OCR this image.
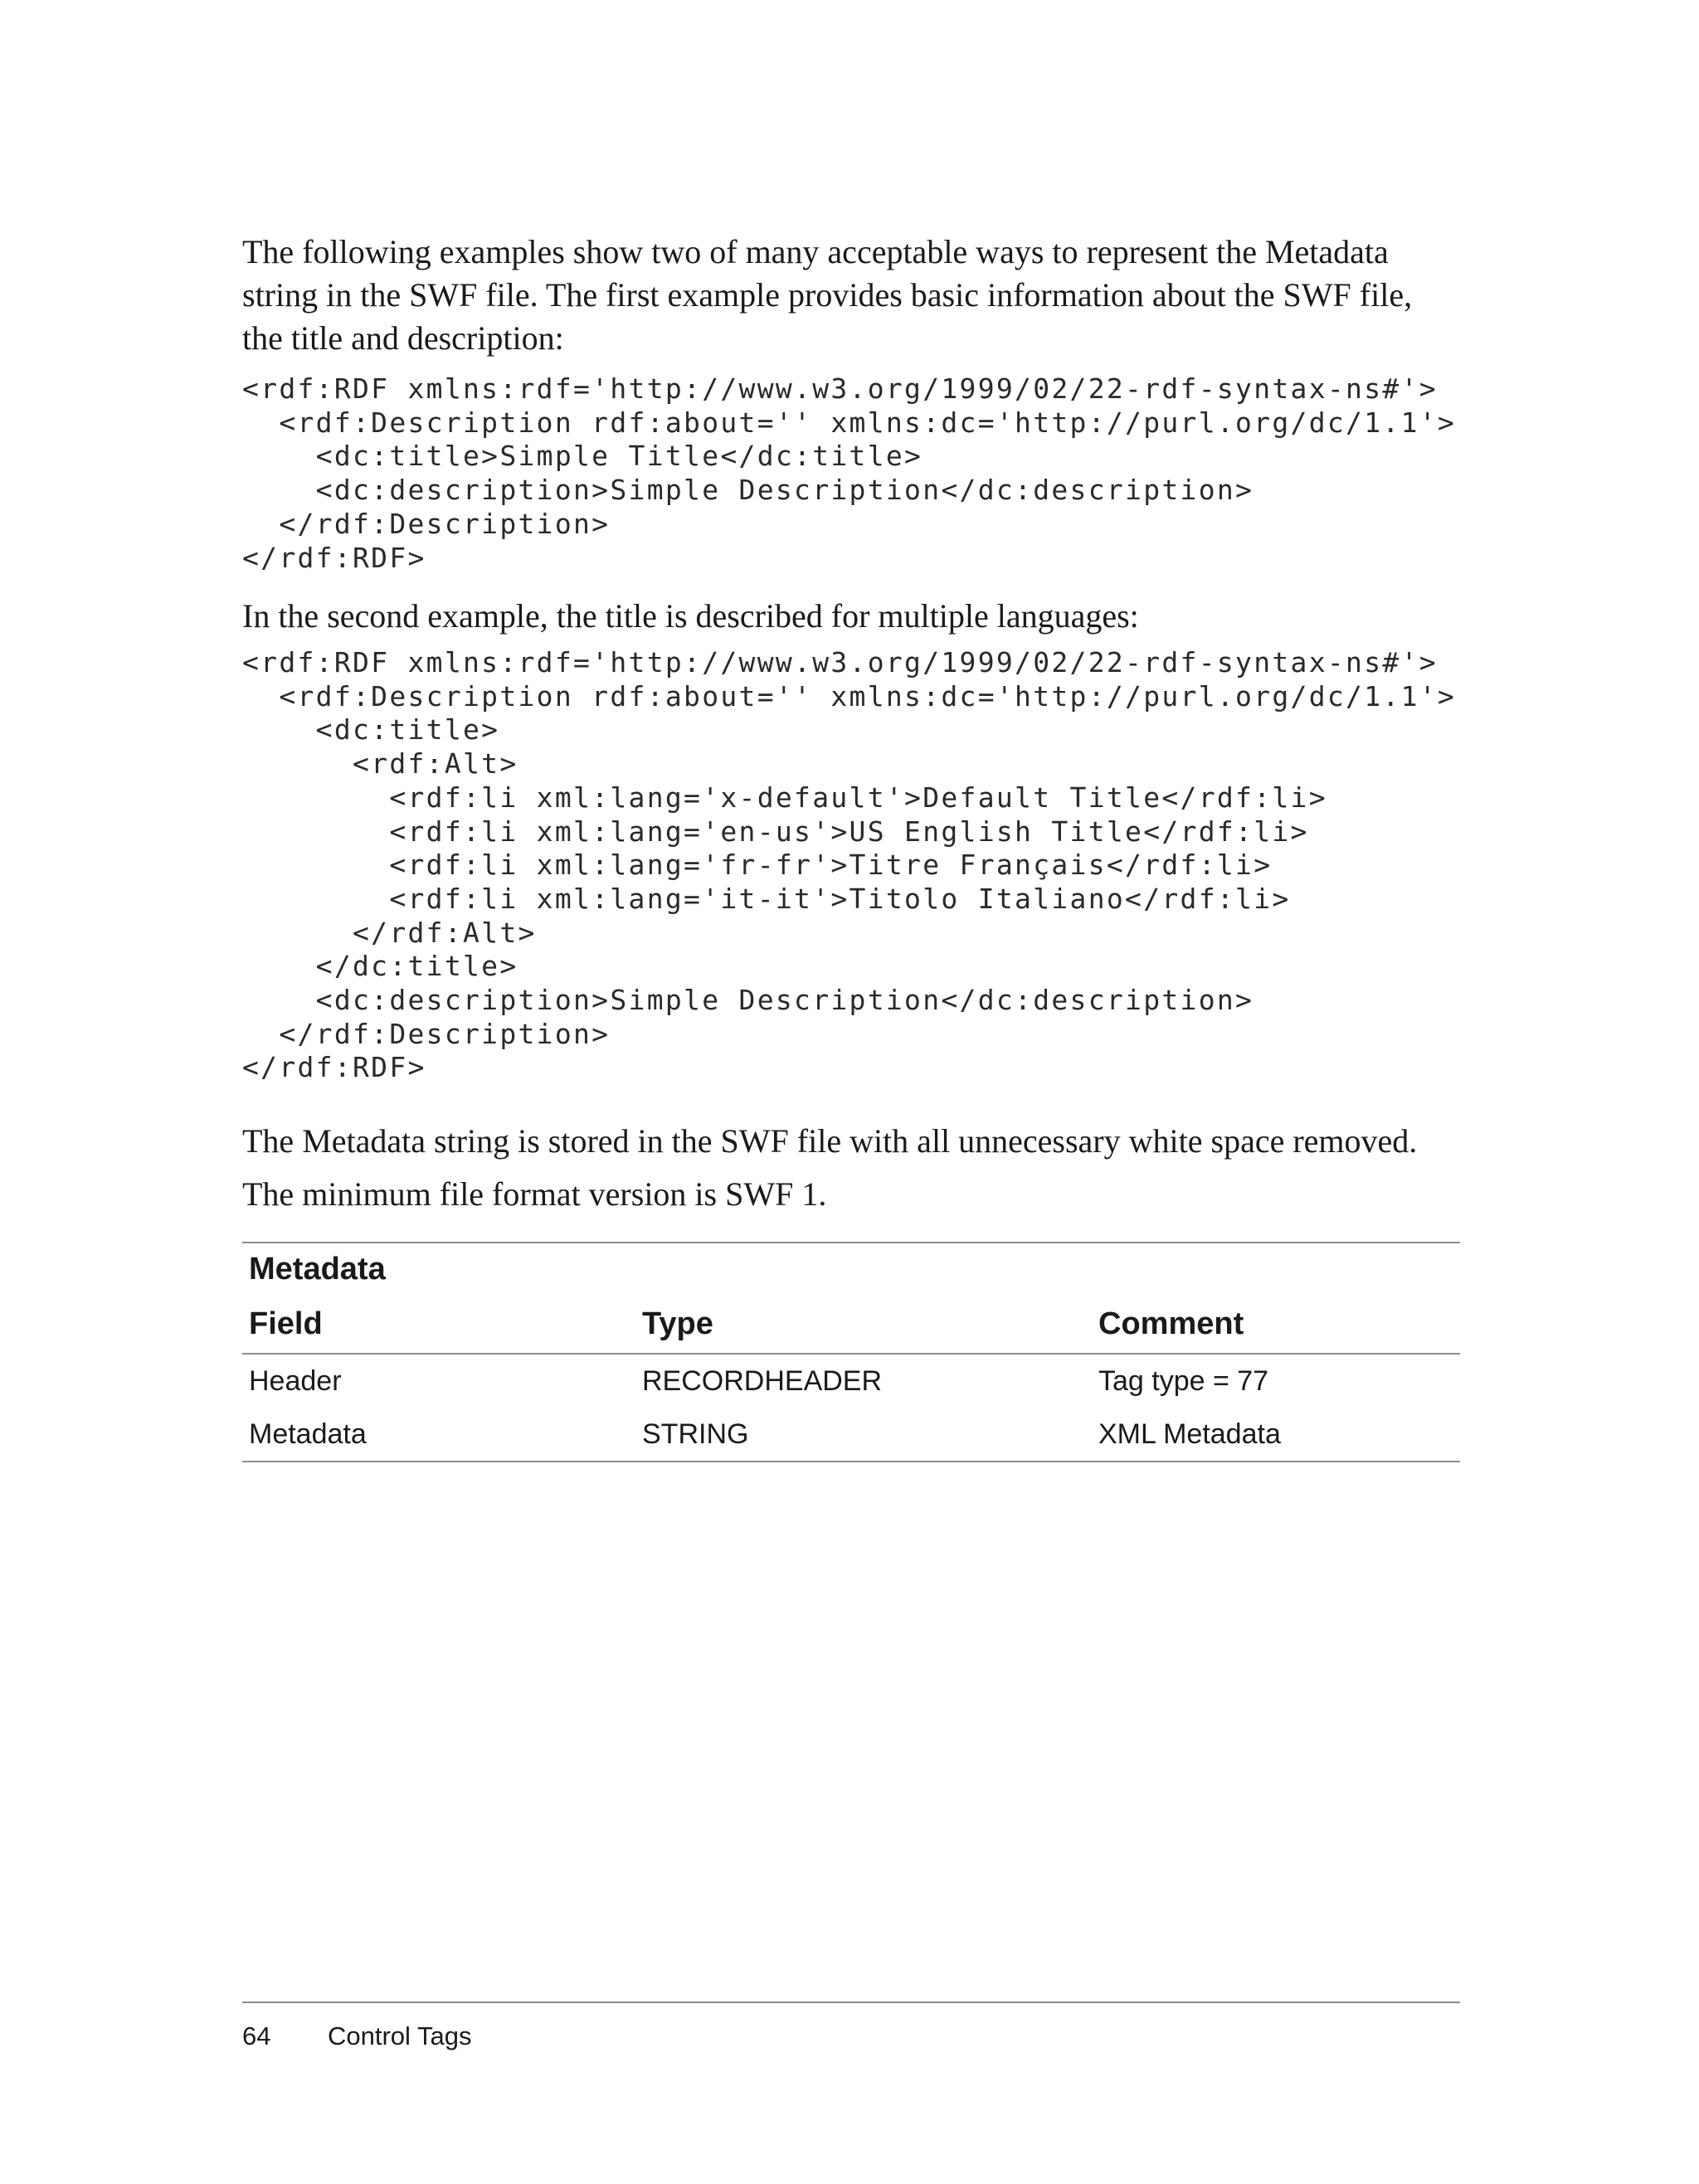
The following examples show two of many acceptable ways to represent the Metadata string in the SWF file. The first example provides basic information about the SWF file, the title and description:

<rdf:RDF xmlns:rdf='http://www.w3.org/1999/02/22-rdf-syntax-ns#'>
<rdf:Description rdf:about='' xmlns:dc='http://purl.org/dc/1.1'>
<dc:title>Simple Title</dc:title>
<dc:description>Simple Description</dc:description>
</rdf:Description>
</rdf:RDF>

In the second example, the title is described for multiple languages:

<rdf:RDF xmlns:rdf='http://www.w3.org/1999/02/22-rdf-syntax-ns#'>
<rdf:Description rdf:about='' xmlns:dc='http://purl.org/dc/1.1'>
<dc:title>
<rdf:Alt>
<rdf:li xml:lang='x-default'>Default Title</rdf:li>
<rdf:li xml:lang='en-us'>US English Title</rdf:li>
<rdf:li xml:lang='fr-fr'>Titre Français</rdf:li>
<rdf:li xml:lang='it-it'>Titolo Italiano</rdf:li>
</rdf:Alt>
</dc:title>
<dc:description>Simple Description</dc:description>
</rdf:Description>
</rdf:RDF>

The Metadata string is stored in the SWF file with all unnecessary white space removed.

The minimum file format version is SWF 1.

Metadata
Field	Type	Comment
Header	RECORDHEADER	Tag type = 77
Metadata	STRING	XML Metadata
64 Control Tags
